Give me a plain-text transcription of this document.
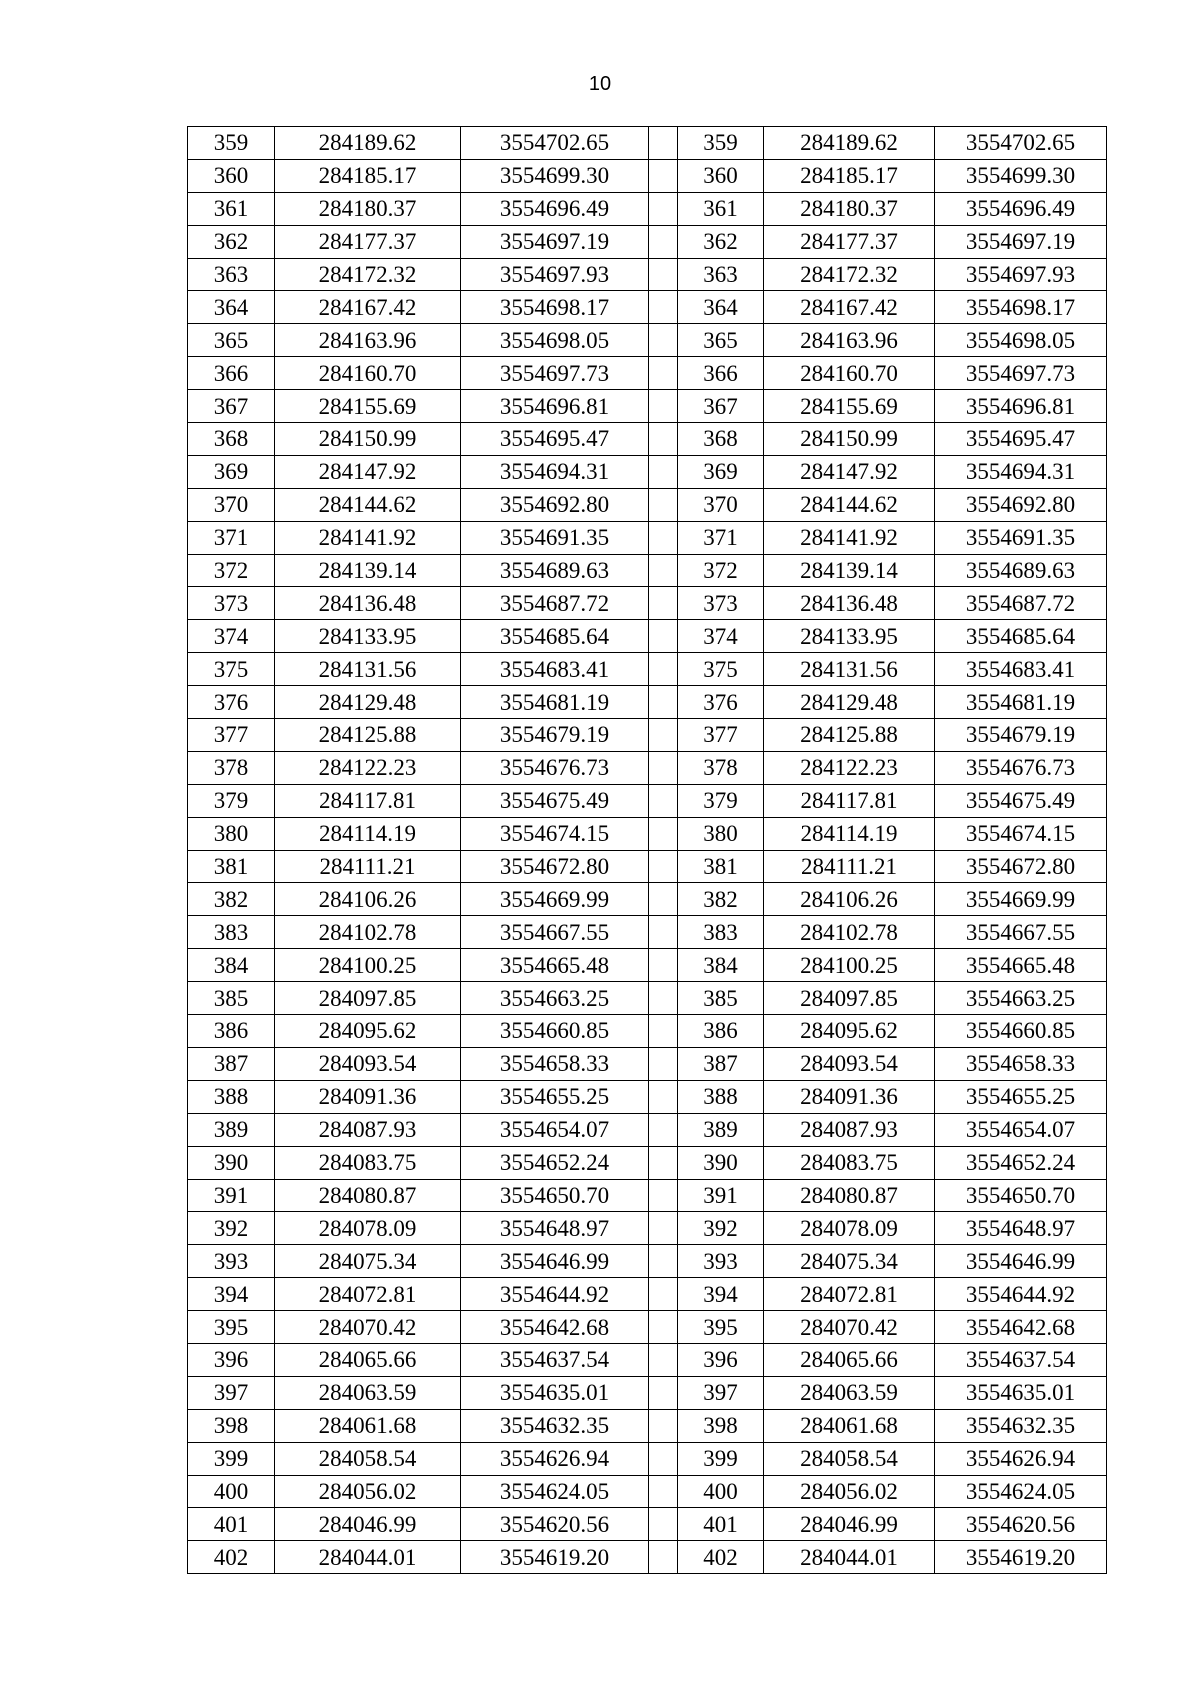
10
359	284189.62	3554702.65		359	284189.62	3554702.65
360	284185.17	3554699.30		360	284185.17	3554699.30
361	284180.37	3554696.49		361	284180.37	3554696.49
362	284177.37	3554697.19		362	284177.37	3554697.19
363	284172.32	3554697.93		363	284172.32	3554697.93
364	284167.42	3554698.17		364	284167.42	3554698.17
365	284163.96	3554698.05		365	284163.96	3554698.05
366	284160.70	3554697.73		366	284160.70	3554697.73
367	284155.69	3554696.81		367	284155.69	3554696.81
368	284150.99	3554695.47		368	284150.99	3554695.47
369	284147.92	3554694.31		369	284147.92	3554694.31
370	284144.62	3554692.80		370	284144.62	3554692.80
371	284141.92	3554691.35		371	284141.92	3554691.35
372	284139.14	3554689.63		372	284139.14	3554689.63
373	284136.48	3554687.72		373	284136.48	3554687.72
374	284133.95	3554685.64		374	284133.95	3554685.64
375	284131.56	3554683.41		375	284131.56	3554683.41
376	284129.48	3554681.19		376	284129.48	3554681.19
377	284125.88	3554679.19		377	284125.88	3554679.19
378	284122.23	3554676.73		378	284122.23	3554676.73
379	284117.81	3554675.49		379	284117.81	3554675.49
380	284114.19	3554674.15		380	284114.19	3554674.15
381	284111.21	3554672.80		381	284111.21	3554672.80
382	284106.26	3554669.99		382	284106.26	3554669.99
383	284102.78	3554667.55		383	284102.78	3554667.55
384	284100.25	3554665.48		384	284100.25	3554665.48
385	284097.85	3554663.25		385	284097.85	3554663.25
386	284095.62	3554660.85		386	284095.62	3554660.85
387	284093.54	3554658.33		387	284093.54	3554658.33
388	284091.36	3554655.25		388	284091.36	3554655.25
389	284087.93	3554654.07		389	284087.93	3554654.07
390	284083.75	3554652.24		390	284083.75	3554652.24
391	284080.87	3554650.70		391	284080.87	3554650.70
392	284078.09	3554648.97		392	284078.09	3554648.97
393	284075.34	3554646.99		393	284075.34	3554646.99
394	284072.81	3554644.92		394	284072.81	3554644.92
395	284070.42	3554642.68		395	284070.42	3554642.68
396	284065.66	3554637.54		396	284065.66	3554637.54
397	284063.59	3554635.01		397	284063.59	3554635.01
398	284061.68	3554632.35		398	284061.68	3554632.35
399	284058.54	3554626.94		399	284058.54	3554626.94
400	284056.02	3554624.05		400	284056.02	3554624.05
401	284046.99	3554620.56		401	284046.99	3554620.56
402	284044.01	3554619.20		402	284044.01	3554619.20
